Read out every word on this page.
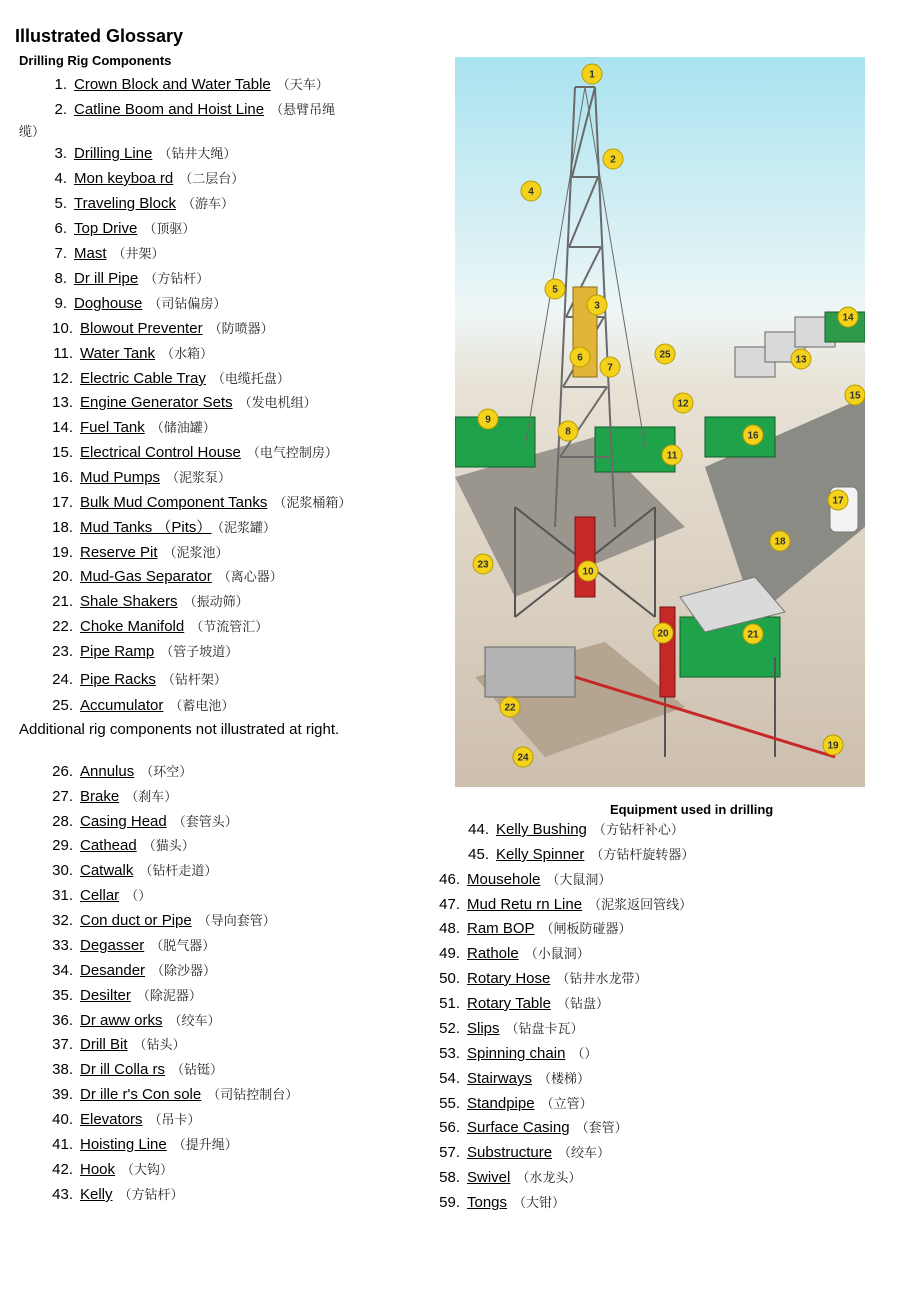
Illustrated Glossary
Drilling Rig Components
缆）
Additional rig components not illustrated at right.
1. Crown Block and Water Table （天车）
2. Catline Boom and Hoist Line （悬臂吊绳
3. Drilling Line （钻井大绳）
4. Mon keyboa rd （二层台）
5. Traveling Block （游车）
6. Top Drive （顶驱）
7. Mast （井架）
8. Dr ill Pipe （方钻杆）
9. Doghouse （司钻偏房）
10. Blowout Preventer （防喷器）
11. Water Tank （水箱）
12. Electric Cable Tray （电缆托盘）
13. Engine Generator Sets （发电机组）
14. Fuel Tank （储油罐）
15. Electrical Control House （电气控制房）
16. Mud Pumps （泥浆泵）
17. Bulk Mud Component Tanks （泥浆桶箱）
18. Mud Tanks （Pits） （泥浆罐）
19. Reserve Pit （泥浆池）
20. Mud-Gas Separator （离心器）
21. Shale Shakers （振动筛）
22. Choke Manifold （节流管汇）
23. Pipe Ramp （管子坡道）
24. Pipe Racks （钻杆架）
25. Accumulator （蓄电池）
26. Annulus （环空）
27. Brake （刹车）
28. Casing Head （套管头）
29. Cathead （猫头）
30. Catwalk （钻杆走道）
31. Cellar （）
32. Con duct or Pipe （导向套管）
33. Degasser （脱气器）
34. Desander （除沙器）
35. Desilter （除泥器）
36. Dr aww orks （绞车）
37. Drill Bit （钻头）
38. Dr ill Colla rs （钻铤）
39. Dr ille r's Con sole （司钻控制台）
40. Elevators （吊卡）
41. Hoisting Line （提升绳）
42. Hook （大钩）
43. Kelly （方钻杆）
44. Kelly Bushing （方钻杆补心）
45. Kelly Spinner （方钻杆旋转器）
46. Mousehole （大鼠洞）
47. Mud Retu rn Line （泥浆返回管线）
48. Ram BOP （闸板防碰器）
49. Rathole （小鼠洞）
50. Rotary Hose （钻井水龙带）
51. Rotary Table （钻盘）
52. Slips （钻盘卡瓦）
53. Spinning chain （）
54. Stairways （楼梯）
55. Standpipe （立管）
56. Surface Casing （套管）
57. Substructure （绞车）
58. Swivel （水龙头）
59. Tongs （大钳）
1
2
3
4
5
6
7
8
9
10
11
12
13
14
15
16
17
18
19
20	21
22
23
24
25
Equipment used in drilling
